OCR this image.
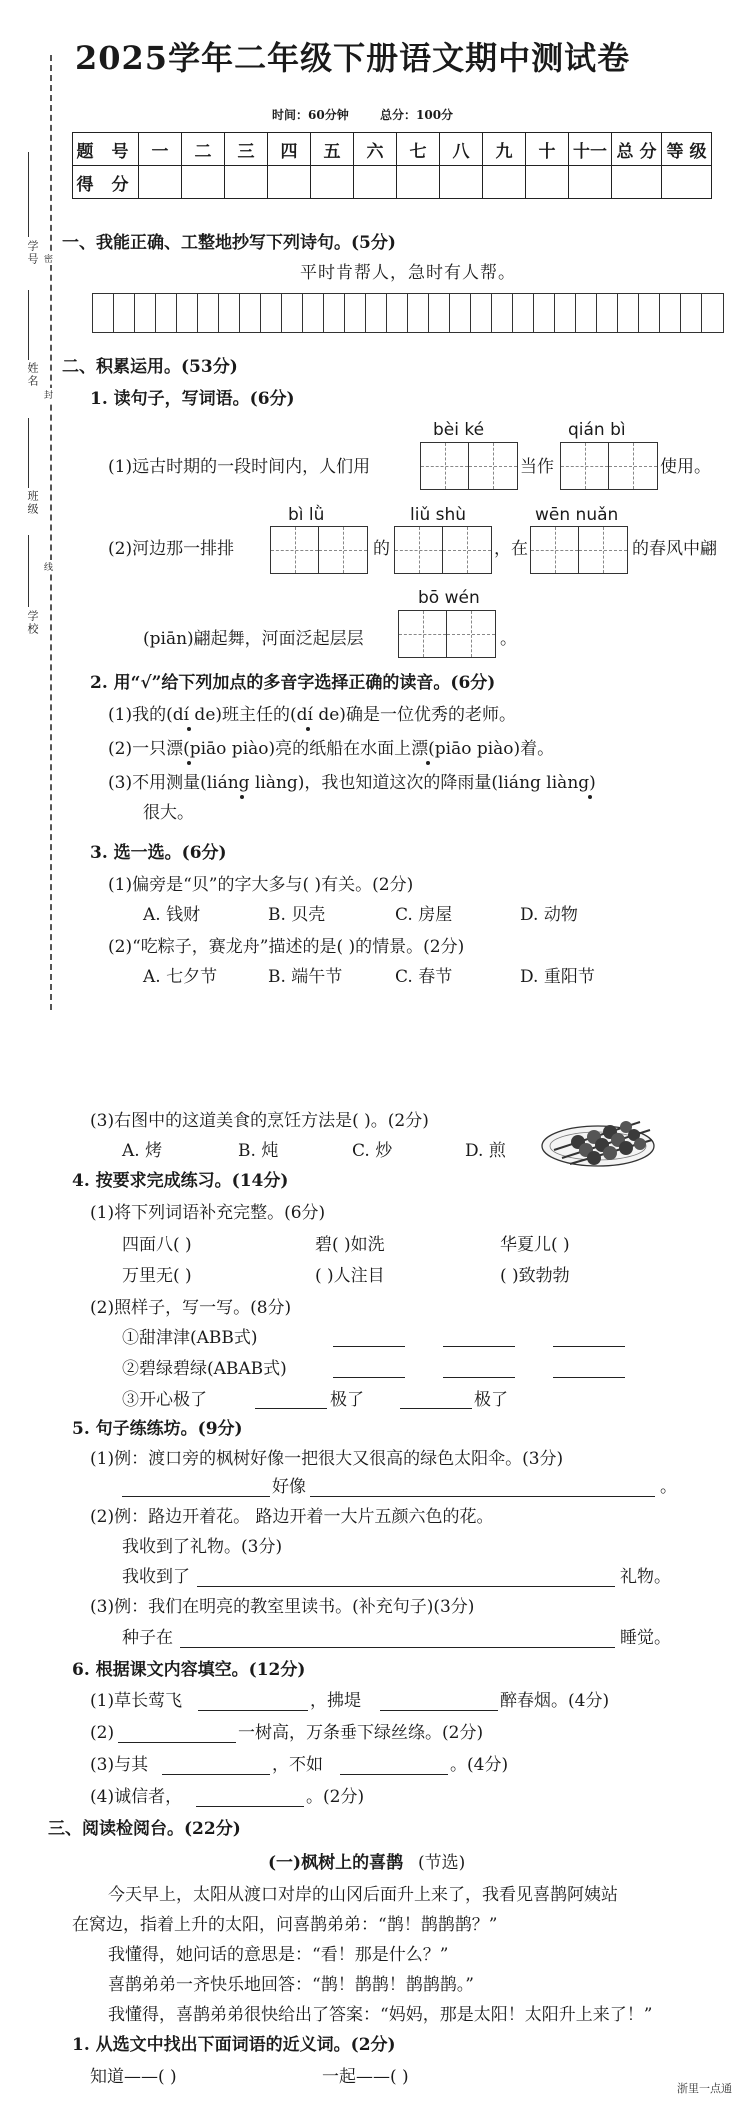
学号
姓名
班级
学校
密
封
线
2025学年二年级下册语文期中测试卷
时间：60分钟	总分：100分
题 号	一	二	三	四	五	六	七	八	九	十	十一	总 分	等 级
得 分													
一、我能正确、工整地抄写下列诗句。(5分)
平时肯帮人，急时有人帮。
二、积累运用。(53分)
1. 读句子，写词语。(6分)
bèi ké	qián bì
(1)远古时期的一段时间内，人们用	当作	使用。
bì lǜ	liǔ shù	wēn nuǎn
(2)河边那一排排	的	，在	的春风中翩
bō wén
(piān)翩起舞，河面泛起层层	。
2. 用“√”给下列加点的多音字选择正确的读音。(6分)
(1)我的(dí de)班主任的(dí de)确是一位优秀的老师。
(2)一只漂(piāo piào)亮的纸船在水面上漂(piāo piào)着。
(3)不用测量(liáng liàng)，我也知道这次的降雨量(liáng liàng)
很大。
3. 选一选。(6分)
(1)偏旁是“贝”的字大多与( )有关。(2分)
A. 钱财	B. 贝壳	C. 房屋	D. 动物
(2)“吃粽子，赛龙舟”描述的是( )的情景。(2分)
A. 七夕节	B. 端午节	C. 春节	D. 重阳节
(3)右图中的这道美食的烹饪方法是( )。(2分)
A. 烤	B. 炖	C. 炒	D. 煎
4. 按要求完成练习。(14分)
(1)将下列词语补充完整。(6分)
四面八( )	碧( )如洗	华夏儿( )
万里无( )	( )人注目	( )致勃勃
(2)照样子，写一写。(8分)
①甜津津(ABB式)
②碧绿碧绿(ABAB式)
③开心极了	极了	极了
5. 句子练练坊。(9分)
(1)例：渡口旁的枫树好像一把很大又很高的绿色太阳伞。(3分)
好像	。
(2)例：路边开着花。 路边开着一大片五颜六色的花。
我收到了礼物。(3分)
我收到了	礼物。
(3)例：我们在明亮的教室里读书。(补充句子)(3分)
种子在	睡觉。
6. 根据课文内容填空。(12分)
(1)草长莺飞	，拂堤	醉春烟。(4分)
(2)	一树高，万条垂下绿丝绦。(2分)
(3)与其	，不如	。(4分)
(4)诚信者，	。(2分)
三、阅读检阅台。(22分)
(一)枫树上的喜鹊 (节选)
今天早上，太阳从渡口对岸的山冈后面升上来了，我看见喜鹊阿姨站
在窝边，指着上升的太阳，问喜鹊弟弟：“鹊！鹊鹊鹊？”
我懂得，她问话的意思是：“看！那是什么？”
喜鹊弟弟一齐快乐地回答：“鹊！鹊鹊！鹊鹊鹊。”
我懂得，喜鹊弟弟很快给出了答案：“妈妈，那是太阳！太阳升上来了！”
1. 从选文中找出下面词语的近义词。(2分)
知道——( )	一起——( )
浙里一点通
